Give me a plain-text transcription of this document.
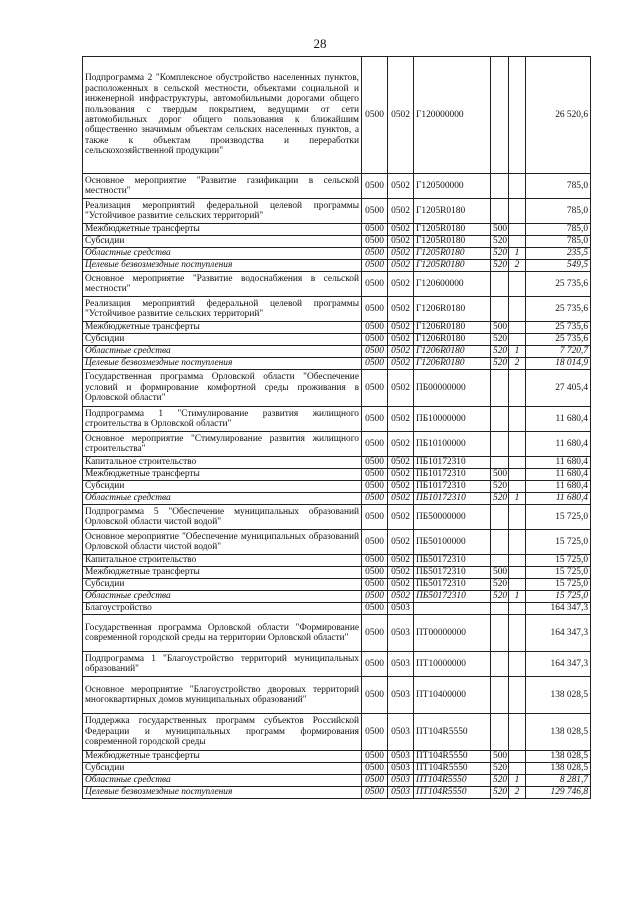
28
Подпрограмма 2 "Комплексное обустройство населенных пунктов, расположенных в сельской местности, объектами социальной и инженерной инфраструктуры, автомобильными дорогами общего пользования с твердым покрытием, ведущими от сети автомобильных дорог общего пользования к ближайшим общественно значимым объектам сельских населенных пунктов, а также к объектам производства и переработки сельскохозяйственной продукции"	0500	0502	Г120000000			26 520,6
Основное мероприятие "Развитие газификации в сельской местности"	0500	0502	Г120500000			785,0
Реализация мероприятий федеральной целевой программы "Устойчивое развитие сельских территорий"	0500	0502	Г1205R0180			785,0
Межбюджетные трансферты	0500	0502	Г1205R0180	500		785,0
Субсидии	0500	0502	Г1205R0180	520		785,0
Областные средства	0500	0502	Г1205R0180	520	1	235,5
Целевые безвозмездные поступления	0500	0502	Г1205R0180	520	2	549,5
Основное мероприятие "Развитие водоснабжения в сельской местности"	0500	0502	Г120600000			25 735,6
Реализация мероприятий федеральной целевой программы "Устойчивое развитие сельских территорий"	0500	0502	Г1206R0180			25 735,6
Межбюджетные трансферты	0500	0502	Г1206R0180	500		25 735,6
Субсидии	0500	0502	Г1206R0180	520		25 735,6
Областные средства	0500	0502	Г1206R0180	520	1	7 720,7
Целевые безвозмездные поступления	0500	0502	Г1206R0180	520	2	18 014,9
Государственная программа Орловской области "Обеспечение условий и формирование комфортной среды проживания в Орловской области"	0500	0502	ПБ00000000			27 405,4
Подпрограмма 1 "Стимулирование развития жилищного строительства в Орловской области"	0500	0502	ПБ10000000			11 680,4
Основное мероприятие "Стимулирование развития жилищного строительства"	0500	0502	ПБ10100000			11 680,4
Капитальное строительство	0500	0502	ПБ10172310			11 680,4
Межбюджетные трансферты	0500	0502	ПБ10172310	500		11 680,4
Субсидии	0500	0502	ПБ10172310	520		11 680,4
Областные средства	0500	0502	ПБ10172310	520	1	11 680,4
Подпрограмма 5 "Обеспечение муниципальных образований Орловской области чистой водой"	0500	0502	ПБ50000000			15 725,0
Основное мероприятие "Обеспечение муниципальных образований Орловской области чистой водой"	0500	0502	ПБ50100000			15 725,0
Капитальное строительство	0500	0502	ПБ50172310			15 725,0
Межбюджетные трансферты	0500	0502	ПБ50172310	500		15 725,0
Субсидии	0500	0502	ПБ50172310	520		15 725,0
Областные средства	0500	0502	ПБ50172310	520	1	15 725,0
Благоустройство	0500	0503				164 347,3
Государственная программа Орловской области "Формирование современной городской среды на территории Орловской области"	0500	0503	ПТ00000000			164 347,3
Подпрограмма 1 "Благоустройство территорий муниципальных образований"	0500	0503	ПТ10000000			164 347,3
Основное мероприятие "Благоустройство дворовых территорий многоквартирных домов муниципальных образований"	0500	0503	ПТ10400000			138 028,5
Поддержка государственных программ субъектов Российской Федерации и муниципальных программ формирования современной городской среды	0500	0503	ПТ104R5550			138 028,5
Межбюджетные трансферты	0500	0503	ПТ104R5550	500		138 028,5
Субсидии	0500	0503	ПТ104R5550	520		138 028,5
Областные средства	0500	0503	ПТ104R5550	520	1	8 281,7
Целевые безвозмездные поступления	0500	0503	ПТ104R5550	520	2	129 746,8
